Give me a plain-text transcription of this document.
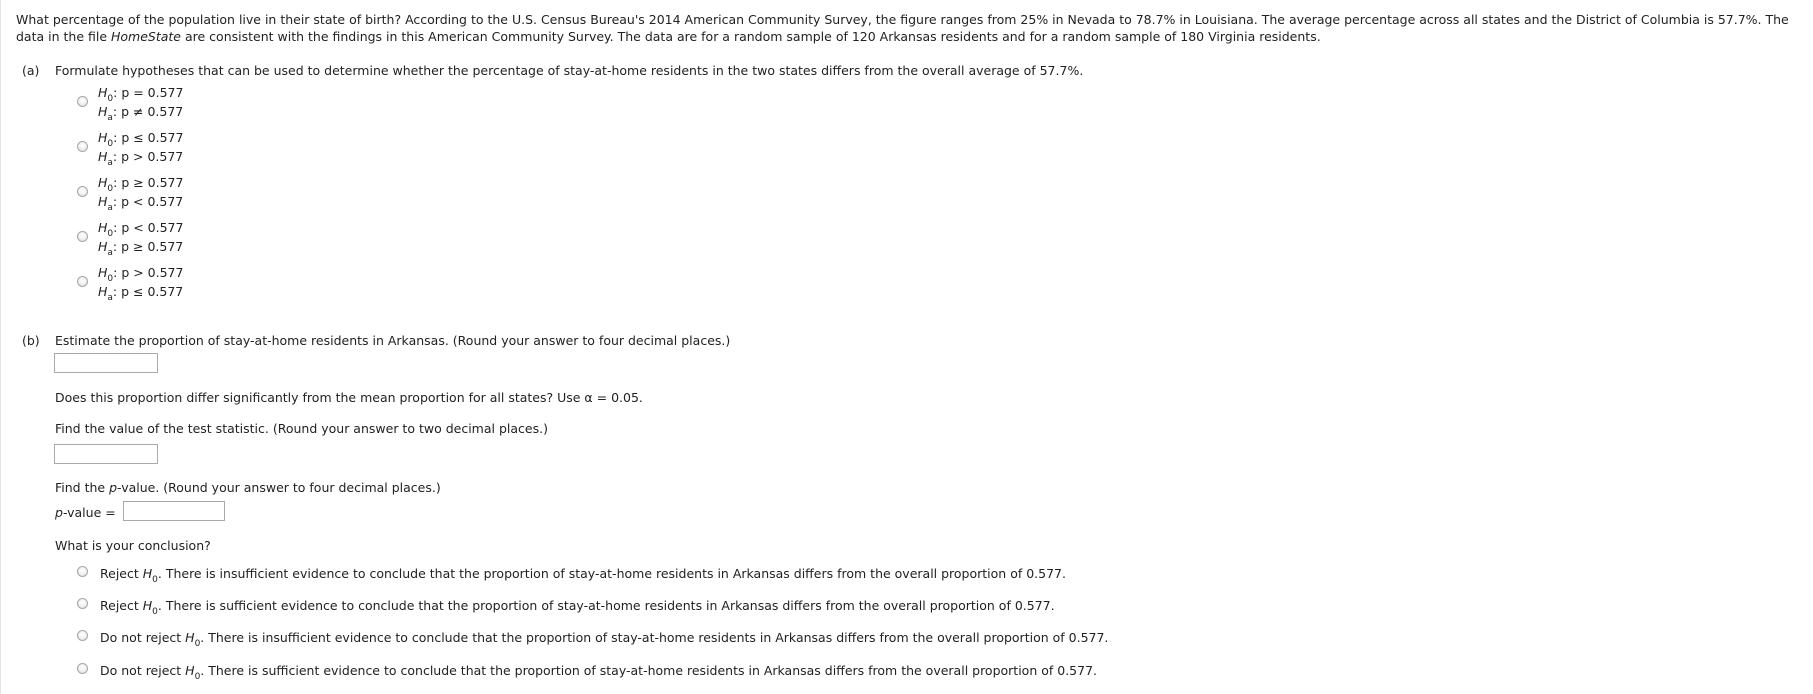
What percentage of the population live in their state of birth? According to the U.S. Census Bureau's 2014 American Community Survey, the figure ranges from 25% in Nevada to 78.7% in Louisiana. The average percentage across all states and the District of Columbia is 57.7%. The data in the file HomeState are consistent with the findings in this American Community Survey. The data are for a random sample of 120 Arkansas residents and for a random sample of 180 Virginia residents.
(a) Formulate hypotheses that can be used to determine whether the percentage of stay-at-home residents in the two states differs from the overall average of 57.7%.
$H_0$: p = 0.577
$H_a$: p ≠ 0.577
$H_0$: p ≤ 0.577
$H_a$: p > 0.577
$H_0$: p ≥ 0.577
$H_a$: p < 0.577
$H_0$: p < 0.577
$H_a$: p ≥ 0.577
$H_0$: p > 0.577
$H_a$: p ≤ 0.577
(b) Estimate the proportion of stay-at-home residents in Arkansas. (Round your answer to four decimal places.)
Does this proportion differ significantly from the mean proportion for all states? Use α = 0.05.
Find the value of the test statistic. (Round your answer to two decimal places.)
Find the p-value. (Round your answer to four decimal places.)
p-value =
What is your conclusion?
Reject $H_0$. There is insufficient evidence to conclude that the proportion of stay-at-home residents in Arkansas differs from the overall proportion of 0.577.
Reject $H_0$. There is sufficient evidence to conclude that the proportion of stay-at-home residents in Arkansas differs from the overall proportion of 0.577.
Do not reject $H_0$. There is insufficient evidence to conclude that the proportion of stay-at-home residents in Arkansas differs from the overall proportion of 0.577.
Do not reject $H_0$. There is sufficient evidence to conclude that the proportion of stay-at-home residents in Arkansas differs from the overall proportion of 0.577.
